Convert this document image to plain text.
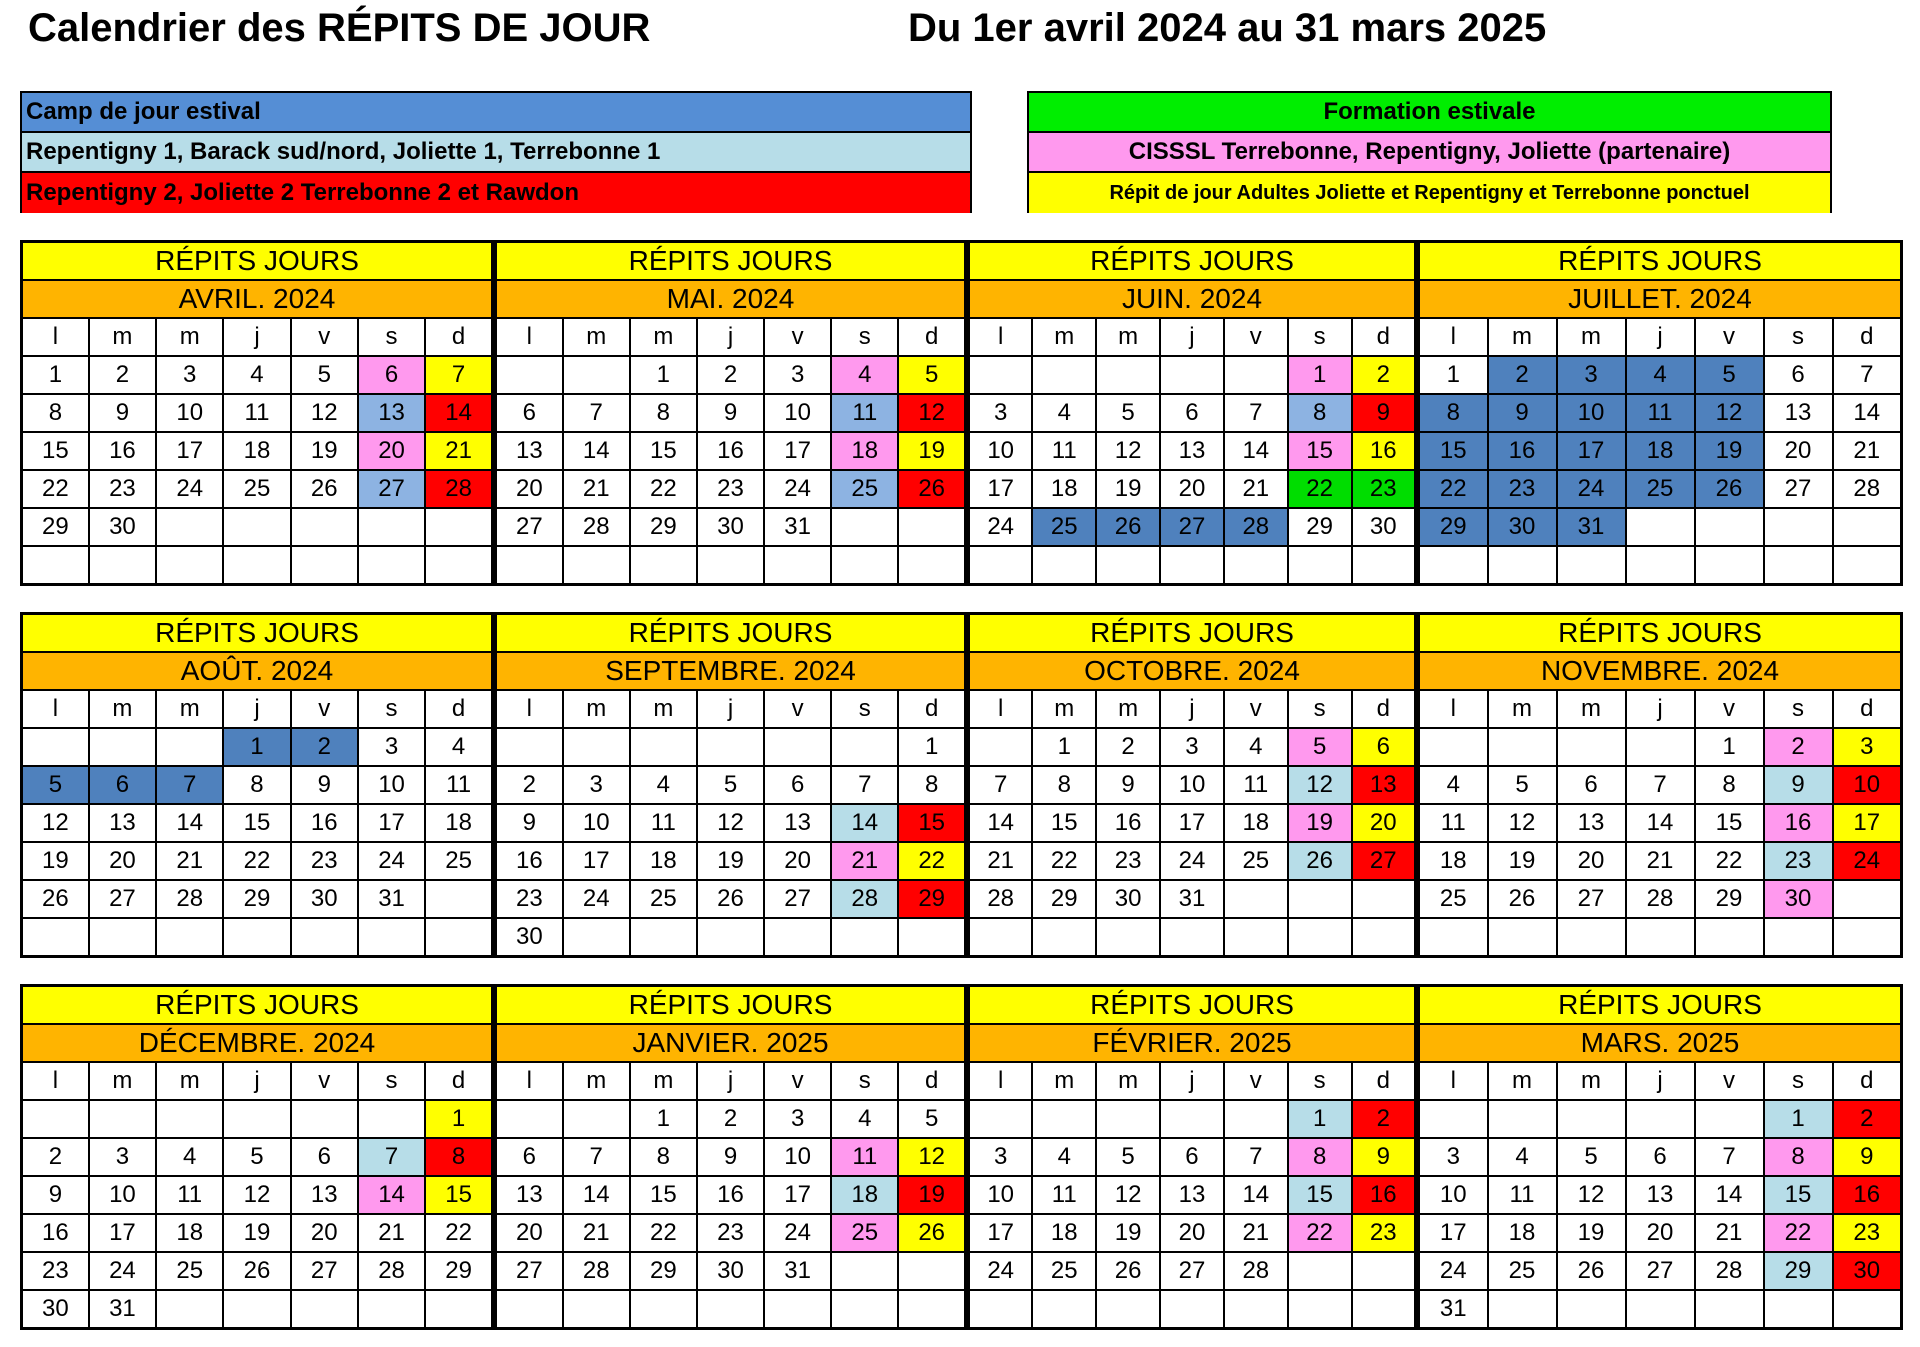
Calendrier des RÉPITS DE JOUR	Du 1er avril 2024 au 31 mars 2025
Camp de jour estival
Repentigny 1, Barack sud/nord, Joliette 1, Terrebonne 1
Repentigny 2, Joliette 2 Terrebonne 2 et Rawdon
Formation estivale
CISSSL Terrebonne, Repentigny, Joliette (partenaire)
Répit de jour Adultes Joliette et Repentigny et Terrebonne ponctuel
RÉPITS JOURS						
AVRIL. 2024						
l	m	m	j	v	s	d
1	2	3	4	5	6	7
8	9	10	11	12	13	14
15	16	17	18	19	20	21
22	23	24	25	26	27	28
29	30					

RÉPITS JOURS						
MAI. 2024						
l	m	m	j	v	s	d
		1	2	3	4	5
6	7	8	9	10	11	12
13	14	15	16	17	18	19
20	21	22	23	24	25	26
27	28	29	30	31		

RÉPITS JOURS						
JUIN. 2024						
l	m	m	j	v	s	d
					1	2
3	4	5	6	7	8	9
10	11	12	13	14	15	16
17	18	19	20	21	22	23
24	25	26	27	28	29	30

RÉPITS JOURS						
JUILLET. 2024						
l	m	m	j	v	s	d
1	2	3	4	5	6	7
8	9	10	11	12	13	14
15	16	17	18	19	20	21
22	23	24	25	26	27	28
29	30	31				

RÉPITS JOURS						
AOÛT. 2024						
l	m	m	j	v	s	d
			1	2	3	4
5	6	7	8	9	10	11
12	13	14	15	16	17	18
19	20	21	22	23	24	25
26	27	28	29	30	31	

RÉPITS JOURS						
SEPTEMBRE. 2024						
l	m	m	j	v	s	d
						1
2	3	4	5	6	7	8
9	10	11	12	13	14	15
16	17	18	19	20	21	22
23	24	25	26	27	28	29
30						
RÉPITS JOURS						
OCTOBRE. 2024						
l	m	m	j	v	s	d
	1	2	3	4	5	6
7	8	9	10	11	12	13
14	15	16	17	18	19	20
21	22	23	24	25	26	27
28	29	30	31			

RÉPITS JOURS						
NOVEMBRE. 2024						
l	m	m	j	v	s	d
				1	2	3
4	5	6	7	8	9	10
11	12	13	14	15	16	17
18	19	20	21	22	23	24
25	26	27	28	29	30	

RÉPITS JOURS						
DÉCEMBRE. 2024						
l	m	m	j	v	s	d
						1
2	3	4	5	6	7	8
9	10	11	12	13	14	15
16	17	18	19	20	21	22
23	24	25	26	27	28	29
30	31					
RÉPITS JOURS						
JANVIER. 2025						
l	m	m	j	v	s	d
		1	2	3	4	5
6	7	8	9	10	11	12
13	14	15	16	17	18	19
20	21	22	23	24	25	26
27	28	29	30	31		

RÉPITS JOURS						
FÉVRIER. 2025						
l	m	m	j	v	s	d
					1	2
3	4	5	6	7	8	9
10	11	12	13	14	15	16
17	18	19	20	21	22	23
24	25	26	27	28		

RÉPITS JOURS						
MARS. 2025						
l	m	m	j	v	s	d
					1	2
3	4	5	6	7	8	9
10	11	12	13	14	15	16
17	18	19	20	21	22	23
24	25	26	27	28	29	30
31						
